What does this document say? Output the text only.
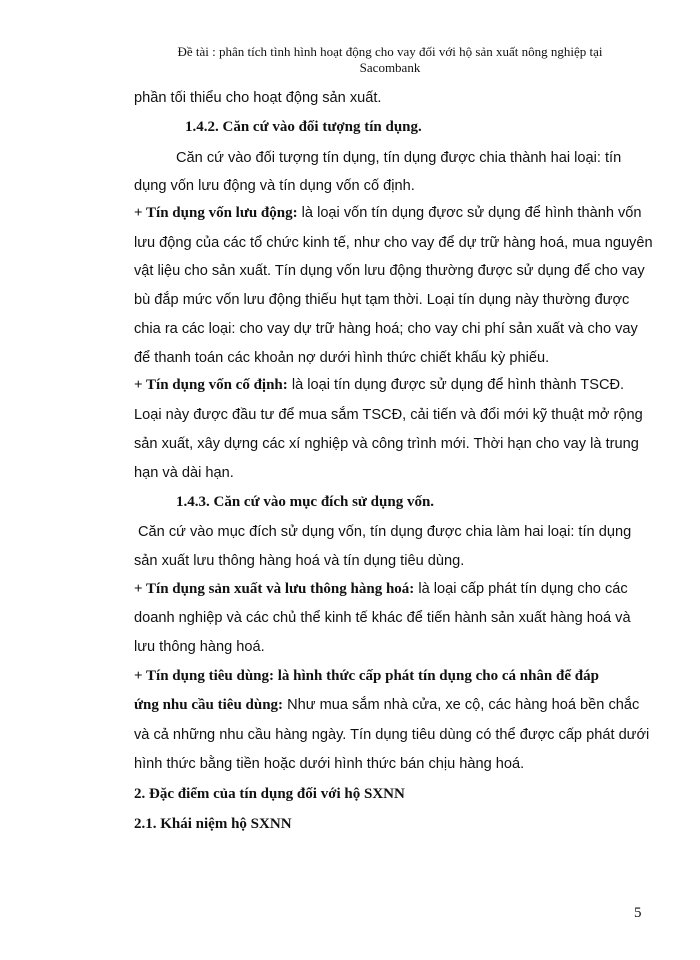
Đề tài : phân tích tình hình hoạt động cho vay đối với hộ sản xuất nông nghiệp tại
Sacombank
phần tối thiểu cho hoạt động sản xuất.
1.4.2. Căn cứ vào đối tượng tín dụng.
Căn cứ vào đối tượng tín dụng, tín dụng được chia thành hai loại: tín
dụng vốn lưu động và tín dụng vốn cố định.
+ Tín dụng vốn lưu động: là loại vốn tín dụng đựơc sử dụng để hình thành vốn
lưu động của các tổ chức kinh tế, như cho vay để dự trữ hàng hoá, mua nguyên
vật liệu cho sản xuất. Tín dụng vốn lưu động thường được sử dụng để cho vay
bù đắp mức vốn lưu động thiếu hụt tạm thời. Loại tín dụng này thường được
chia ra các loại: cho vay dự trữ hàng hoá; cho vay chi phí sản xuất và cho vay
để thanh toán các khoản nợ dưới hình thức chiết khấu kỳ phiếu.
+ Tín dụng vốn cố định: là loại tín dụng được sử dụng để hình thành TSCĐ.
Loại này được đầu tư để mua sắm TSCĐ, cải tiến và đổi mới kỹ thuật mở rộng
sản xuất, xây dựng các xí nghiệp và công trình mới. Thời hạn cho vay là trung
hạn và dài hạn.
1.4.3. Căn cứ vào mục đích sử dụng vốn.
Căn cứ vào mục đích sử dụng vốn, tín dụng được chia làm hai loại: tín dụng
sản xuất lưu thông hàng hoá và tín dụng tiêu dùng.
+ Tín dụng sản xuất và lưu thông hàng hoá: là loại cấp phát tín dụng cho các
doanh nghiệp và các chủ thể kinh tế khác để tiến hành sản xuất hàng hoá và
lưu thông hàng hoá.
+ Tín dụng tiêu dùng: là hình thức cấp phát tín dụng cho cá nhân để đáp
ứng nhu cầu tiêu dùng: Như mua sắm nhà cửa, xe cộ, các hàng hoá bền chắc
và cả những nhu cầu hàng ngày. Tín dụng tiêu dùng có thể được cấp phát dưới
hình thức bằng tiền hoặc dưới hình thức bán chịu hàng hoá.
2. Đặc điểm của tín dụng đối với hộ SXNN
2.1. Khái niệm hộ SXNN
5
